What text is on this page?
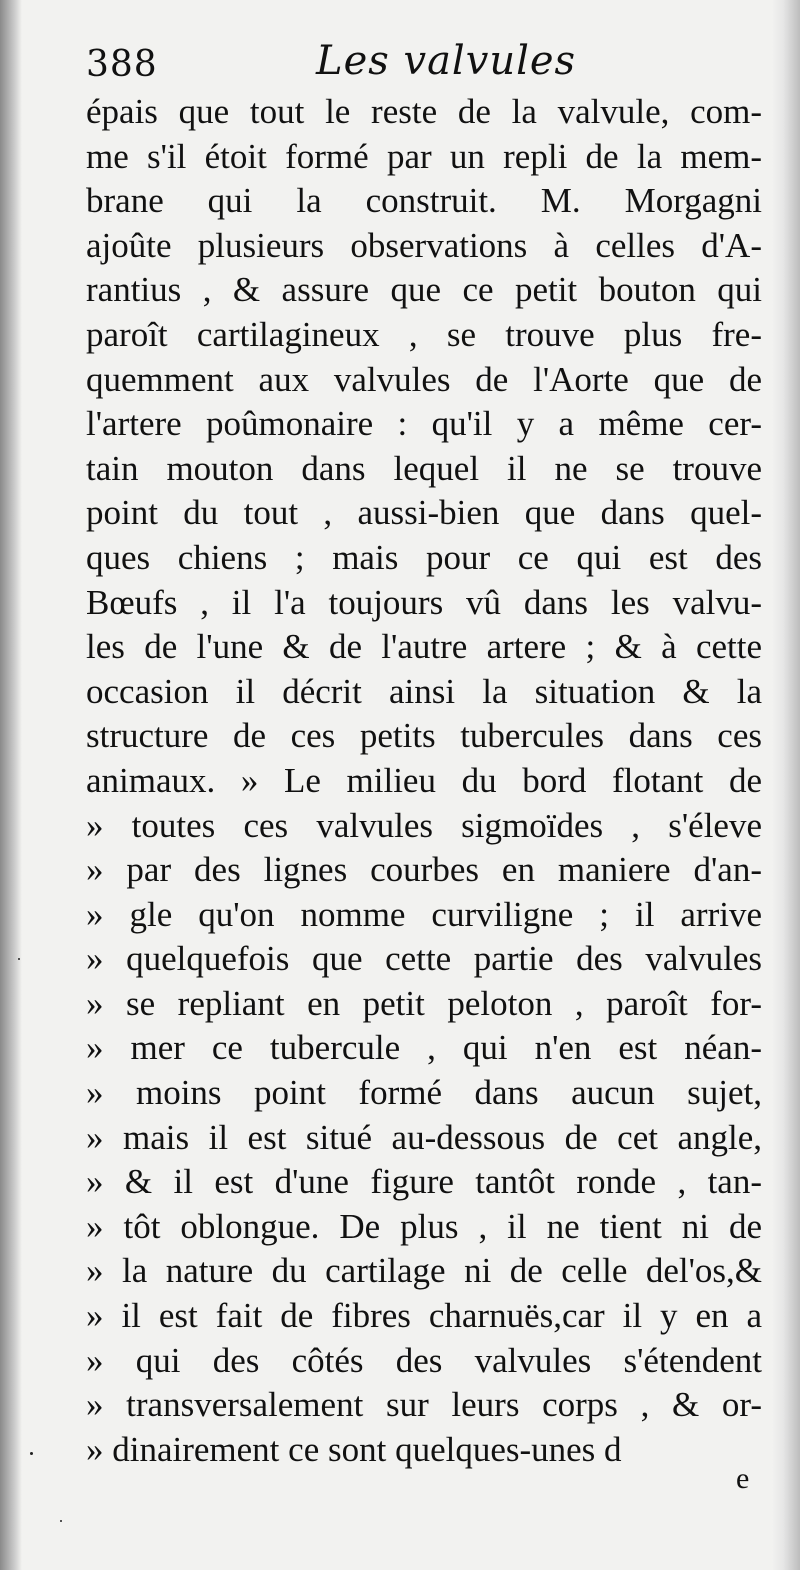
388	Les valvules
épais que tout le reste de la valvule, com-
me s'il étoit formé par un repli de la mem-
brane qui la construit. M. Morgagni
ajoûte plusieurs observations à celles d'A-
rantius , & assure que ce petit bouton qui
paroît cartilagineux , se trouve plus fre-
quemment aux valvules de l'Aorte que de
l'artere poûmonaire : qu'il y a même cer-
tain mouton dans lequel il ne se trouve
point du tout , aussi-bien que dans quel-
ques chiens ; mais pour ce qui est des
Bœufs , il l'a toujours vû dans les valvu-
les de l'une & de l'autre artere ; & à cette
occasion il décrit ainsi la situation & la
structure de ces petits tubercules dans ces
animaux. » Le milieu du bord flotant de
» toutes ces valvules sigmoïdes , s'éleve
» par des lignes courbes en maniere d'an-
» gle qu'on nomme curviligne ; il arrive
» quelquefois que cette partie des valvules
» se repliant en petit peloton , paroît for-
» mer ce tubercule , qui n'en est néan-
» moins point formé dans aucun sujet,
» mais il est situé au-dessous de cet angle,
» & il est d'une figure tantôt ronde , tan-
» tôt oblongue. De plus , il ne tient ni de
» la nature du cartilage ni de celle del'os,&
» il est fait de fibres charnuës,car il y en a
» qui des côtés des valvules s'étendent
» transversalement sur leurs corps , & or-
» dinairement ce sont quelques-unes d
e
